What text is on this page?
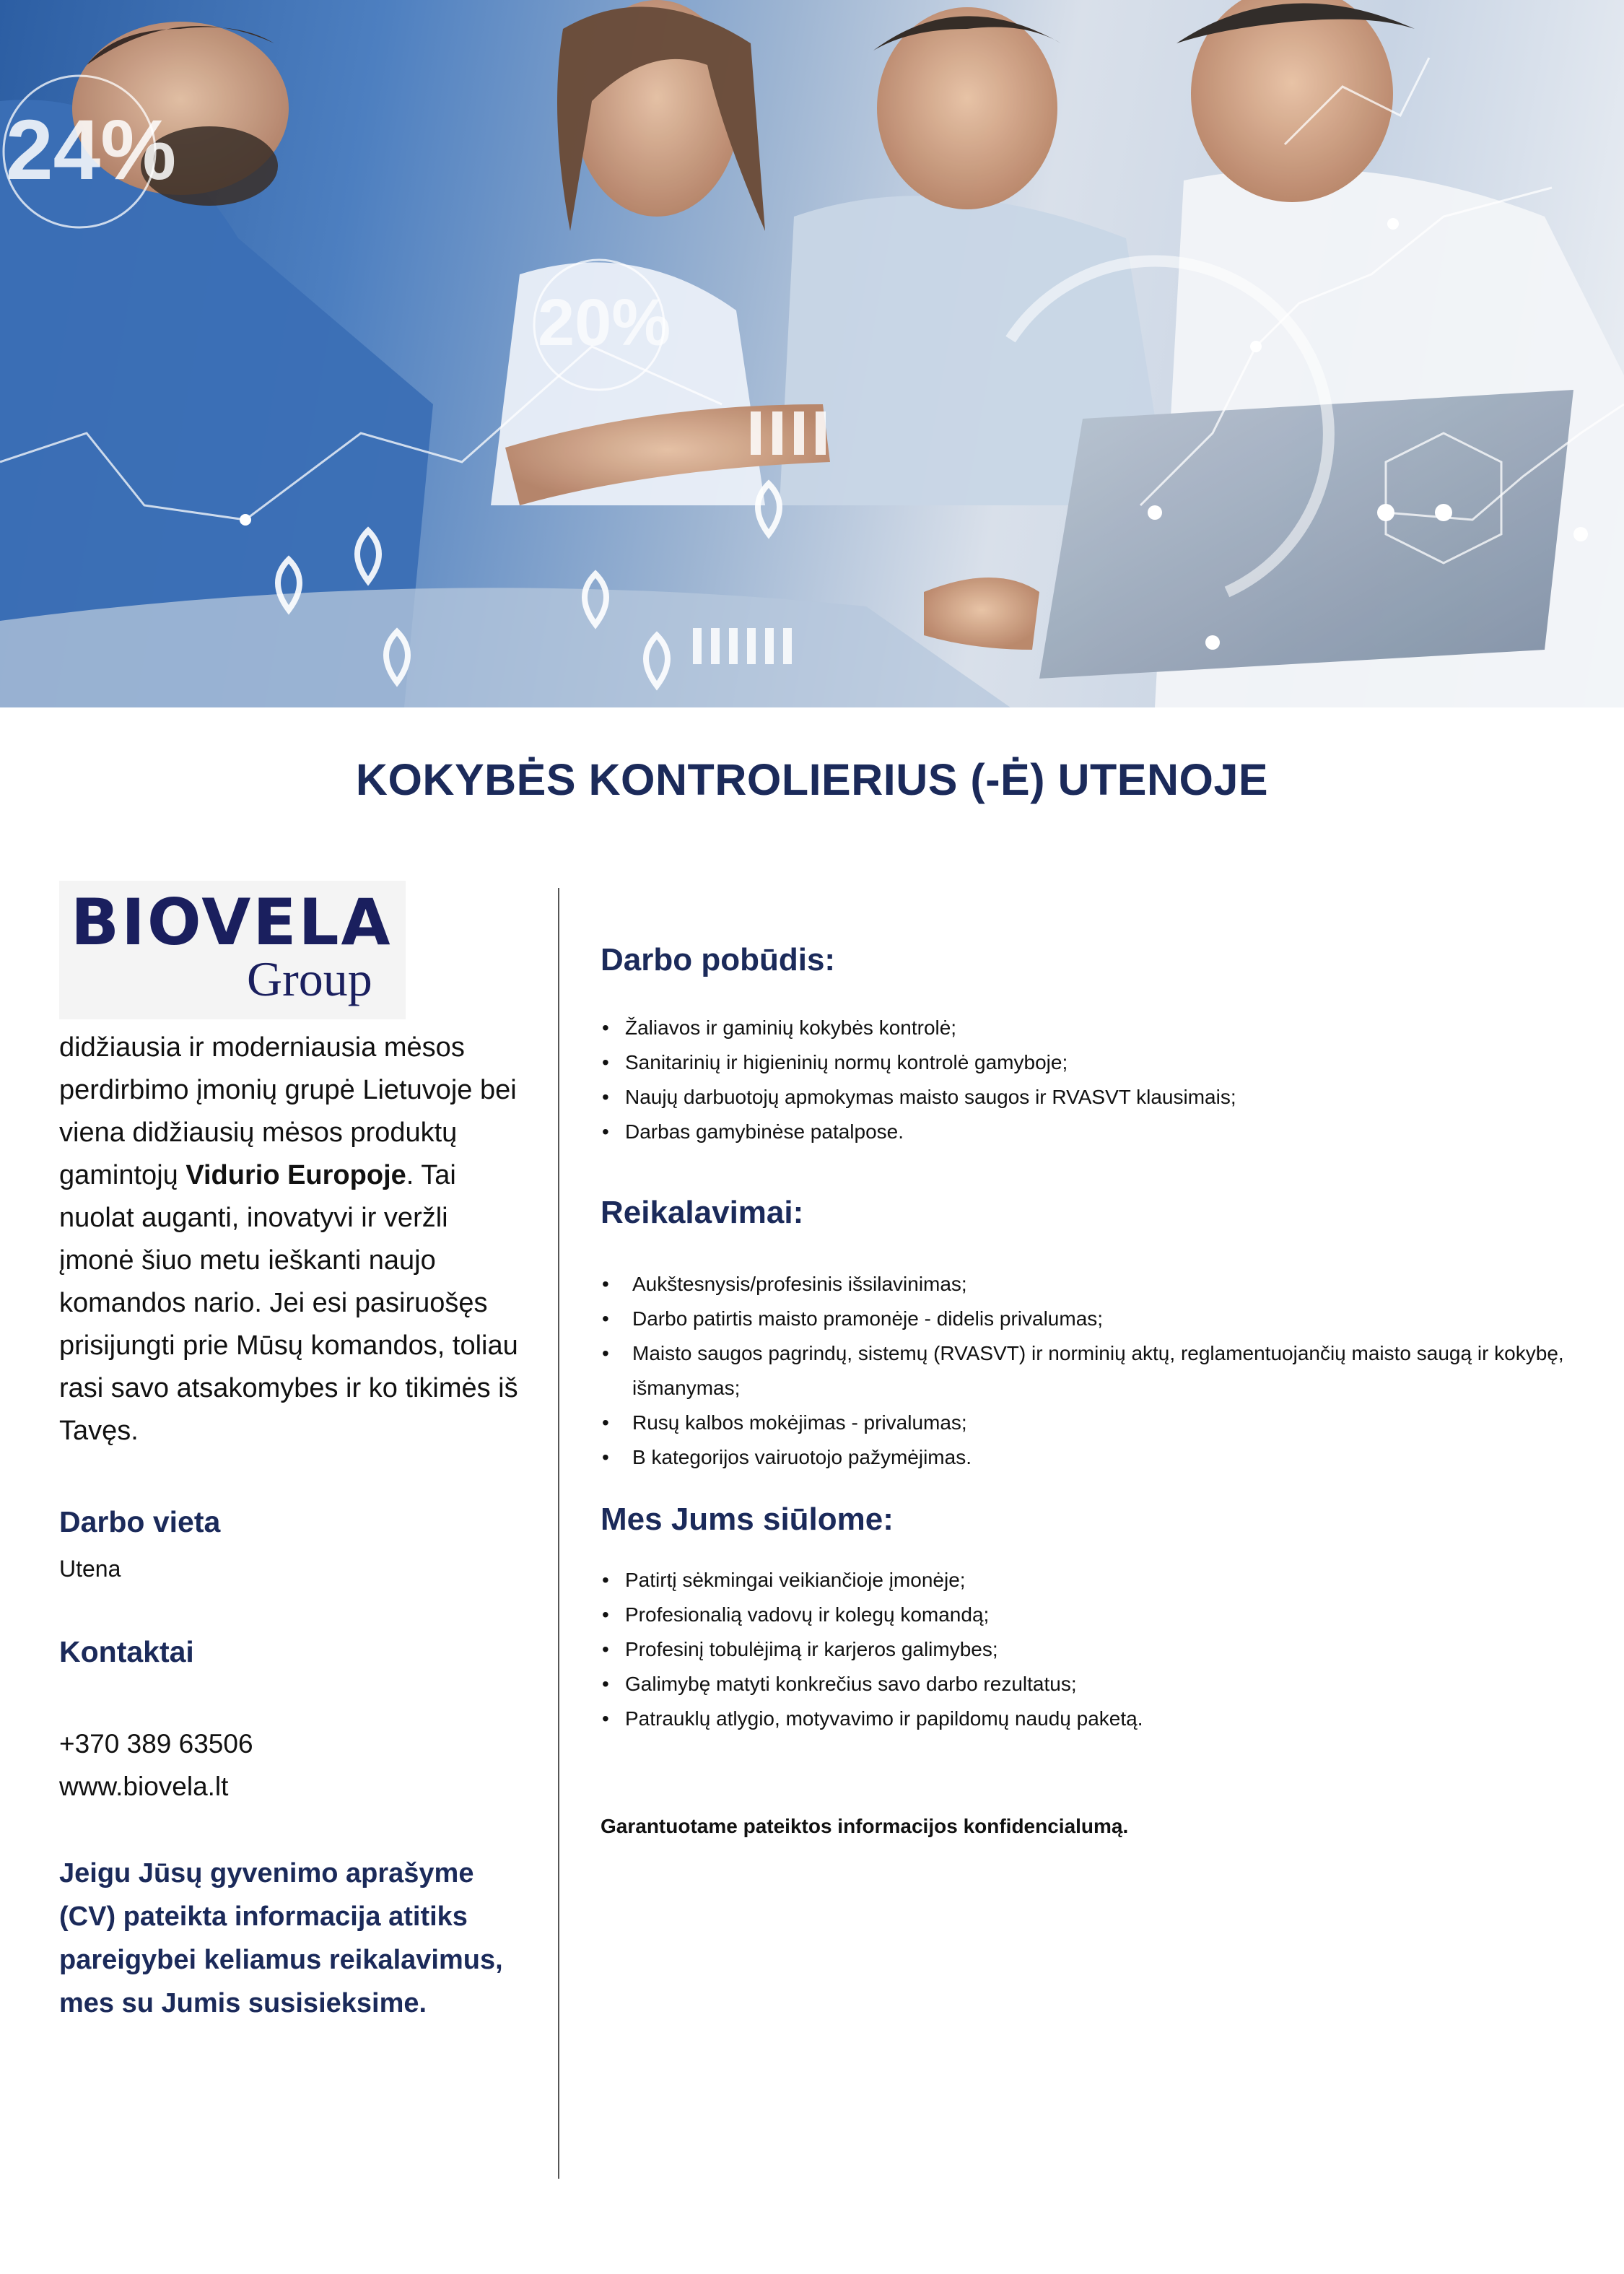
24%
20%
KOKYBĖS KONTROLIERIUS (-Ė) UTENOJE
BIOVELA
Group
didžiausia ir moderniausia mėsos perdirbimo įmonių grupė Lietuvoje bei viena didžiausių mėsos produktų gamintojų Vidurio Europoje. Tai nuolat auganti, inovatyvi ir veržli įmonė šiuo metu ieškanti naujo komandos nario. Jei esi pasiruošęs prisijungti prie Mūsų komandos, toliau rasi savo atsakomybes ir ko tikimės iš Tavęs.
Darbo vieta
Utena
Kontaktai
+370 389 63506
www.biovela.lt
Jeigu Jūsų gyvenimo aprašyme (CV) pateikta informacija atitiks pareigybei keliamus reikalavimus, mes su Jumis susisieksime.
Darbo pobūdis:
• Žaliavos ir gaminių kokybės kontrolė;
• Sanitarinių ir higieninių normų kontrolė gamyboje;
• Naujų darbuotojų apmokymas maisto saugos ir RVASVT klausimais;
• Darbas gamybinėse patalpose.
Reikalavimai:
• Aukštesnysis/profesinis išsilavinimas;
• Darbo patirtis maisto pramonėje - didelis privalumas;
• Maisto saugos pagrindų, sistemų (RVASVT) ir norminių aktų, reglamentuojančių maisto saugą ir kokybę, išmanymas;
• Rusų kalbos mokėjimas - privalumas;
• B kategorijos vairuotojo pažymėjimas.
Mes Jums siūlome:
• Patirtį sėkmingai veikiančioje įmonėje;
• Profesionalią vadovų ir kolegų komandą;
• Profesinį tobulėjimą ir karjeros galimybes;
• Galimybę matyti konkrečius savo darbo rezultatus;
• Patrauklų atlygio, motyvavimo ir papildomų naudų paketą.
Garantuotame pateiktos informacijos konfidencialumą.
